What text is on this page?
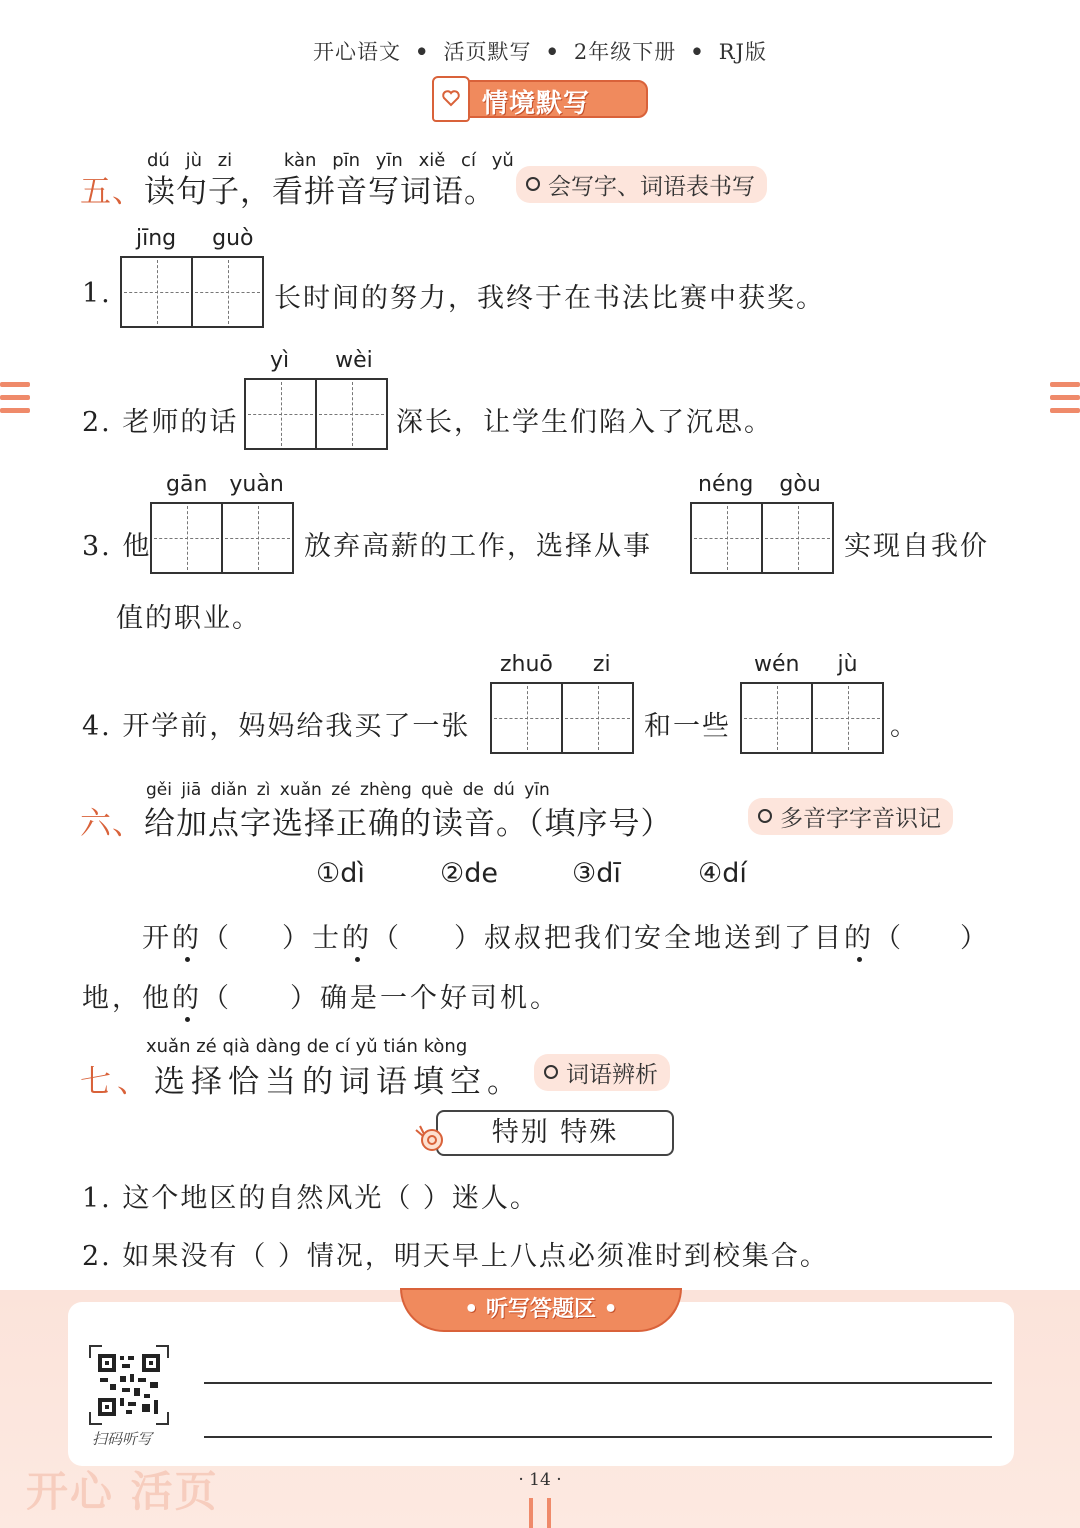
开心语文 • 活页默写 • 2年级下册 • RJ版
情境默写
dú jù zi	kàn pīn yīn xiě cí yǔ
五、读句子，看拼音写词语。	会写字、词语表书写
jīng guò
1.	长时间的努力，我终于在书法比赛中获奖。
yì wèi
2. 老师的话	深长，让学生们陷入了沉思。
gān yuàn	néng gòu
3. 他	放弃高薪的工作，选择从事	实现自我价
值的职业。
zhuō zi	wén jù
4. 开学前，妈妈给我买了一张	和一些	。
gěi jiā diǎn zì xuǎn zé zhèng què de dú yīn
六、给加点字选择正确的读音。（填序号）	多音字字音识记
①dì	②de	③dī	④dí
开的（ ）士的（ ）叔叔把我们安全地送到了目的（ ）
地，他的（ ）确是一个好司机。
xuǎn zé qià dàng de cí yǔ tián kòng
七、选择恰当的词语填空。	词语辨析
特别 特殊
1. 这个地区的自然风光（ ）迷人。
2. 如果没有（ ）情况，明天早上八点必须准时到校集合。
• 听写答题区 •
扫码听写
开心 活页	· 14 ·
